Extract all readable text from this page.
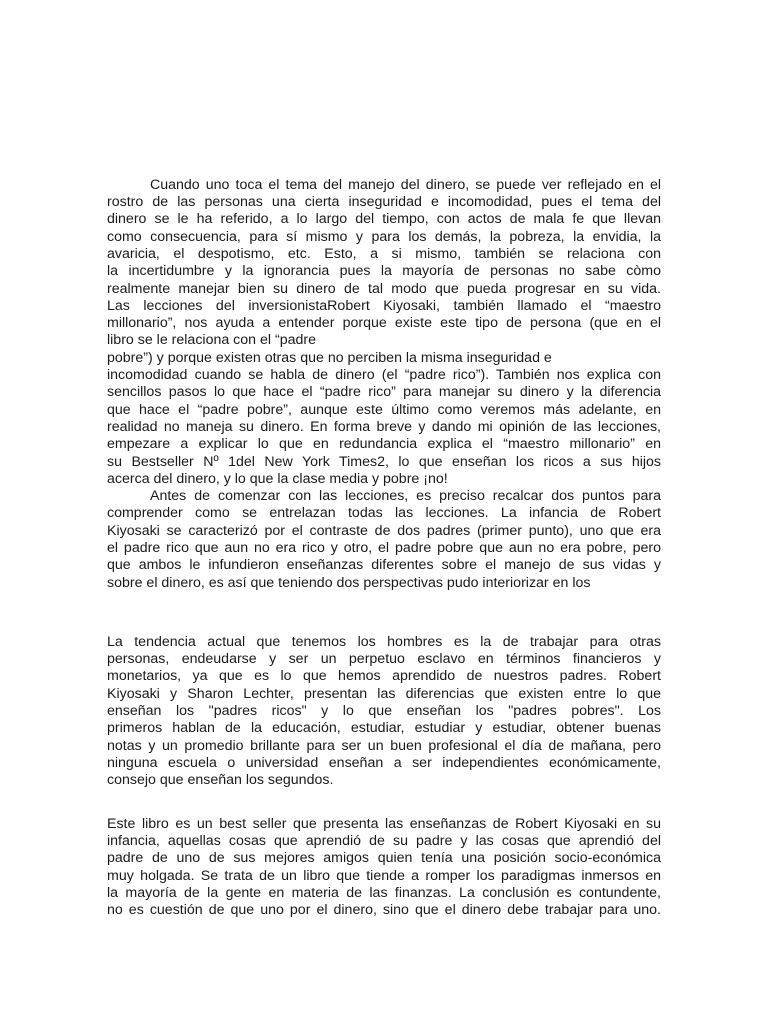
Cuando uno toca el tema del manejo del dinero, se puede ver reflejado en el
rostro de las personas una cierta inseguridad e incomodidad, pues el tema del
dinero se le ha referido, a lo largo del tiempo, con actos de mala fe que llevan
como consecuencia, para sí mismo y para los demás, la pobreza, la envidia, la
avaricia, el despotismo, etc. Esto, a si mismo, también se relaciona con
la incertidumbre y la ignorancia pues la mayoría de personas no sabe còmo
realmente manejar bien su dinero de tal modo que pueda progresar en su vida.
Las lecciones del inversionistaRobert Kiyosaki, también llamado el “maestro
millonario”, nos ayuda a entender porque existe este tipo de persona (que en el
libro se le relaciona con el “padre
pobre”) y porque existen otras que no perciben la misma inseguridad e
incomodidad cuando se habla de dinero (el “padre rico”). También nos explica con
sencillos pasos lo que hace el “padre rico” para manejar su dinero y la diferencia
que hace el “padre pobre”, aunque este último como veremos más adelante, en
realidad no maneja su dinero. En forma breve y dando mi opinión de las lecciones,
empezare a explicar lo que en redundancia explica el “maestro millonario” en
su Bestseller Nº 1del New York Times2, lo que enseñan los ricos a sus hijos
acerca del dinero, y lo que la clase media y pobre ¡no!
Antes de comenzar con las lecciones, es preciso recalcar dos puntos para
comprender como se entrelazan todas las lecciones. La infancia de Robert
Kiyosaki se caracterizó por el contraste de dos padres (primer punto), uno que era
el padre rico que aun no era rico y otro, el padre pobre que aun no era pobre, pero
que ambos le infundieron enseñanzas diferentes sobre el manejo de sus vidas y
sobre el dinero, es así que teniendo dos perspectivas pudo interiorizar en los
La tendencia actual que tenemos los hombres es la de trabajar para otras
personas, endeudarse y ser un perpetuo esclavo en términos financieros y
monetarios, ya que es lo que hemos aprendido de nuestros padres. Robert
Kiyosaki y Sharon Lechter, presentan las diferencias que existen entre lo que
enseñan los "padres ricos" y lo que enseñan los "padres pobres". Los
primeros hablan de la educación, estudiar, estudiar y estudiar, obtener buenas
notas y un promedio brillante para ser un buen profesional el día de mañana, pero
ninguna escuela o universidad enseñan a ser independientes económicamente,
consejo que enseñan los segundos.
Este libro es un best seller que presenta las enseñanzas de Robert Kiyosaki en su
infancia, aquellas cosas que aprendió de su padre y las cosas que aprendió del
padre de uno de sus mejores amigos quien tenía una posición socio-económica
muy holgada. Se trata de un libro que tiende a romper los paradigmas inmersos en
la mayoría de la gente en materia de las finanzas. La conclusión es contundente,
no es cuestión de que uno por el dinero, sino que el dinero debe trabajar para uno.
